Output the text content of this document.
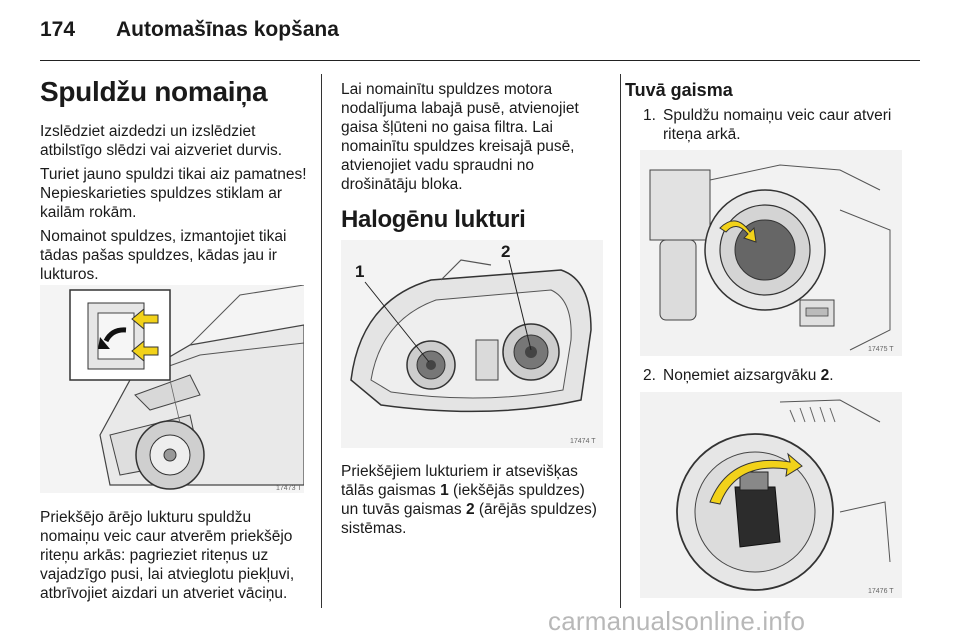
174 Automašīnas kopšana
Spuldžu nomaiņa

Izslēdziet aizdedzi un izslēdziet atbilstīgo slēdzi vai aizveriet durvis.

Turiet jauno spuldzi tikai aiz pamatnes! Nepieskarieties spuldzes stiklam ar kailām rokām.

Nomainot spuldzes, izmantojiet tikai tādas pašas spuldzes, kādas jau ir lukturos.

17473 T

Priekšējo ārējo lukturu spuldžu nomaiņu veic caur atverēm priekšējo riteņu arkās: pagrieziet riteņus uz vajadzīgo pusi, lai atvieglotu piekļuvi, atbrīvojiet aizdari un atveriet vāciņu.

Lai nomainītu spuldzes motora nodalījuma labajā pusē, atvienojiet gaisa šļūteni no gaisa filtra. Lai nomainītu spuldzes kreisajā pusē, atvienojiet vadu spraudni no drošinātāju bloka.

Halogēnu lukturi
1
2
17474 T

Priekšējiem lukturiem ir atsevišķas tālās gaismas 1 (iekšējās spuldzes) un tuvās gaismas 2 (ārējās spuldzes) sistēmas.

Tuvā gaisma
1. Spuldžu nomaiņu veic caur atveri riteņa arkā.
17475 T
2. Noņemiet aizsargvāku 2.
17476 T
carmanualsonline.info
